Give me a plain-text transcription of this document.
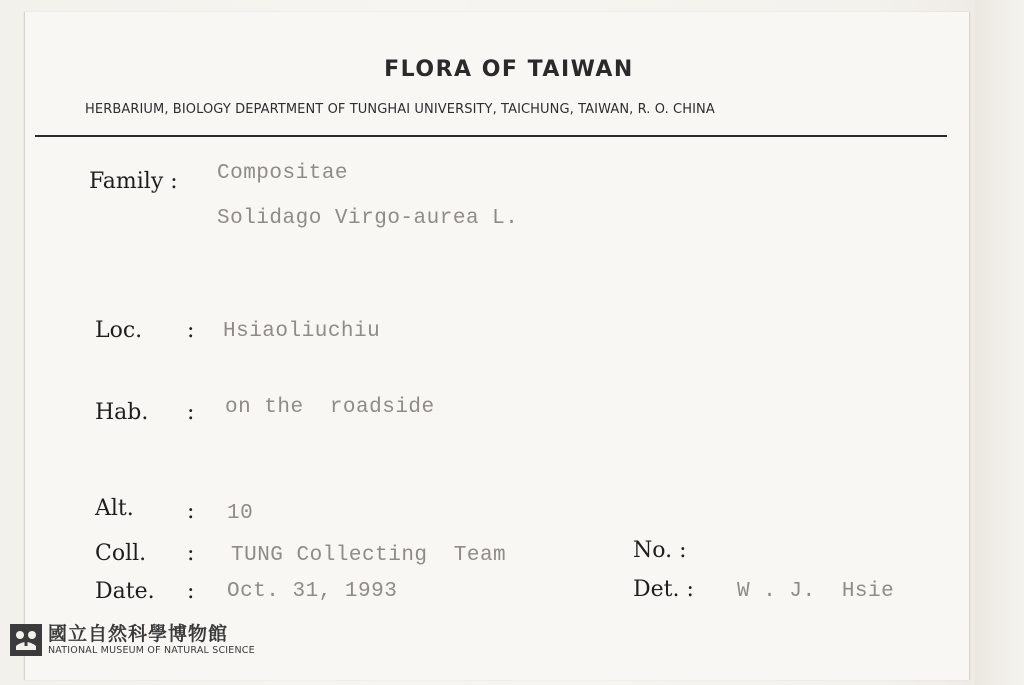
FLORA OF TAIWAN
HERBARIUM, BIOLOGY DEPARTMENT OF TUNGHAI UNIVERSITY, TAICHUNG, TAIWAN, R. O. CHINA
Family : Compositae
Solidago Virgo-aurea L.
Loc. : Hsiaoliuchiu
Hab. : on the  roadside
Alt. : 10
Coll. : TUNG Collecting  Team
Date. : Oct. 31, 1993
No. :
Det. : W . J.  Hsie
國立自然科學博物館
NATIONAL MUSEUM OF NATURAL SCIENCE
